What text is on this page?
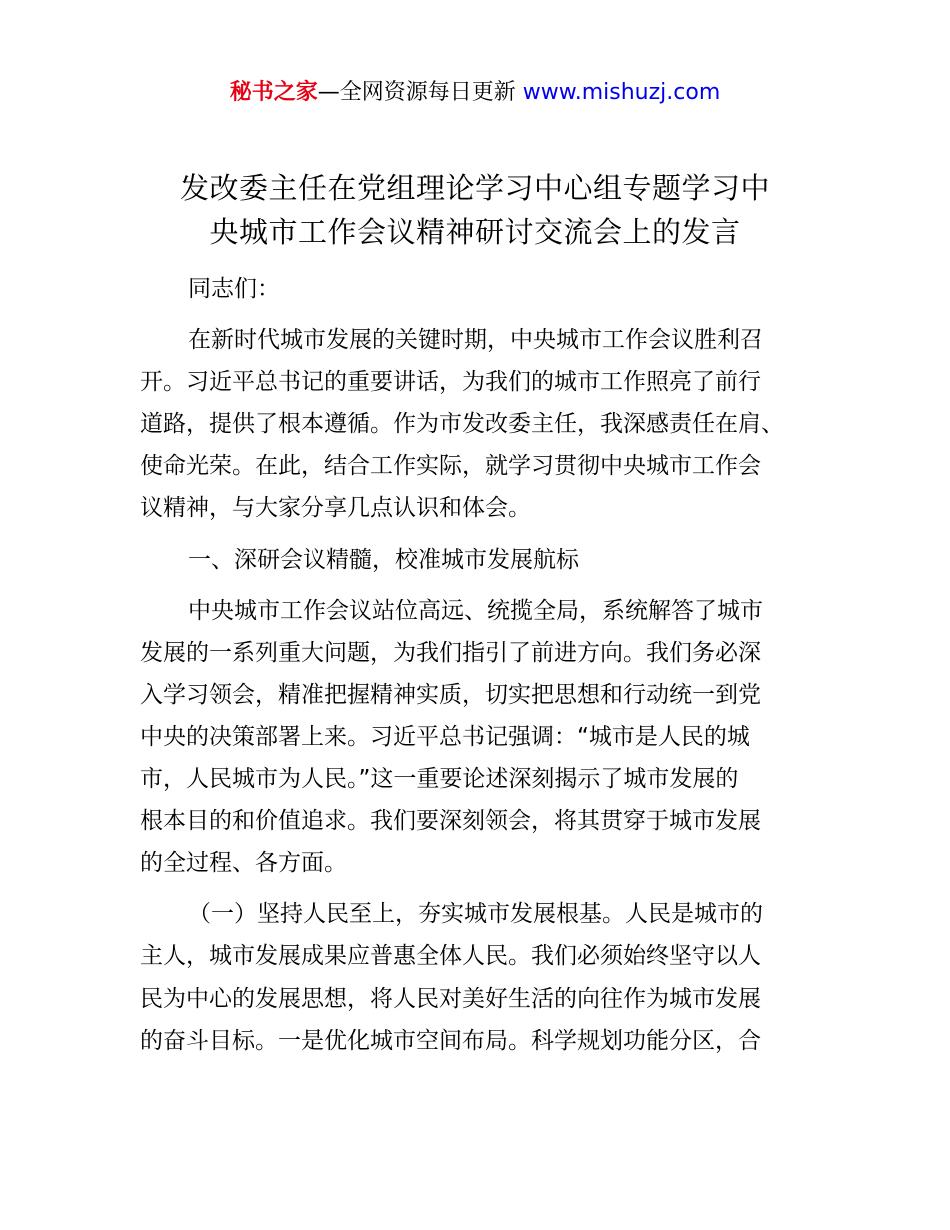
秘书之家—全网资源每日更新 www.mishuzj.com
发改委主任在党组理论学习中心组专题学习中
央城市工作会议精神研讨交流会上的发言
同志们：
在新时代城市发展的关键时期，中央城市工作会议胜利召
开。习近平总书记的重要讲话，为我们的城市工作照亮了前行
道路，提供了根本遵循。作为市发改委主任，我深感责任在肩、
使命光荣。在此，结合工作实际，就学习贯彻中央城市工作会
议精神，与大家分享几点认识和体会。
一、深研会议精髓，校准城市发展航标
中央城市工作会议站位高远、统揽全局，系统解答了城市
发展的一系列重大问题，为我们指引了前进方向。我们务必深
入学习领会，精准把握精神实质，切实把思想和行动统一到党
中央的决策部署上来。习近平总书记强调：“城市是人民的城
市，人民城市为人民。”这一重要论述深刻揭示了城市发展的
根本目的和价值追求。我们要深刻领会，将其贯穿于城市发展
的全过程、各方面。
（一）坚持人民至上，夯实城市发展根基。人民是城市的
主人，城市发展成果应普惠全体人民。我们必须始终坚守以人
民为中心的发展思想，将人民对美好生活的向往作为城市发展
的奋斗目标。一是优化城市空间布局。科学规划功能分区，合
